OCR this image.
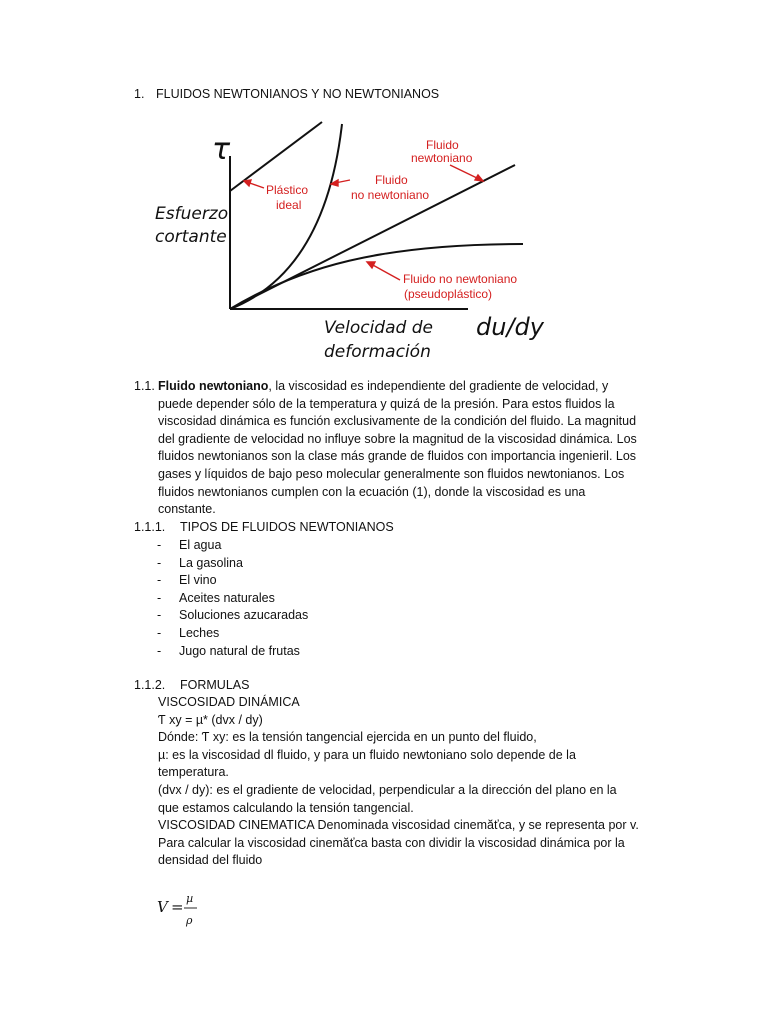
1. FLUIDOS NEWTONIANOS Y NO NEWTONIANOS
Plástico
ideal
Fluido
no newtoniano
Fluido
newtoniano
Fluido no newtoniano
(pseudoplástico)
τ
Esfuerzo
cortante
Velocidad de
deformación
du/dy
1.1. Fluido newtoniano, la viscosidad es independiente del gradiente de velocidad, y
puede depender sólo de la temperatura y quizá de la presión. Para estos fluidos la
viscosidad dinámica es función exclusivamente de la condición del fluido. La magnitud
del gradiente de velocidad no influye sobre la magnitud de la viscosidad dinámica. Los
fluidos newtonianos son la clase más grande de fluidos con importancia ingenieril. Los
gases y líquidos de bajo peso molecular generalmente son fluidos newtonianos. Los
fluidos newtonianos cumplen con la ecuación (1), donde la viscosidad es una
constante.
1.1.1. TIPOS DE FLUIDOS NEWTONIANOS
- El agua
- La gasolina
- El vino
- Aceites naturales
- Soluciones azucaradas
- Leches
- Jugo natural de frutas
1.1.2. FORMULAS
VISCOSIDAD DINÁMICA
Ƭ xy = µ* (dvx / dy)
Dónde: Ƭ xy: es la tensión tangencial ejercida en un punto del fluido,
µ: es la viscosidad dl fluido, y para un fluido newtoniano solo depende de la
temperatura.
(dvx / dy): es el gradiente de velocidad, perpendicular a la dirección del plano en la
que estamos calculando la tensión tangencial.
VISCOSIDAD CINEMATICA Denominada viscosidad cinemăťca, y se representa por v.
Para calcular la viscosidad cinemăťca basta con dividir la viscosidad dinámica por la
densidad del fluido
V = µ
ρ
